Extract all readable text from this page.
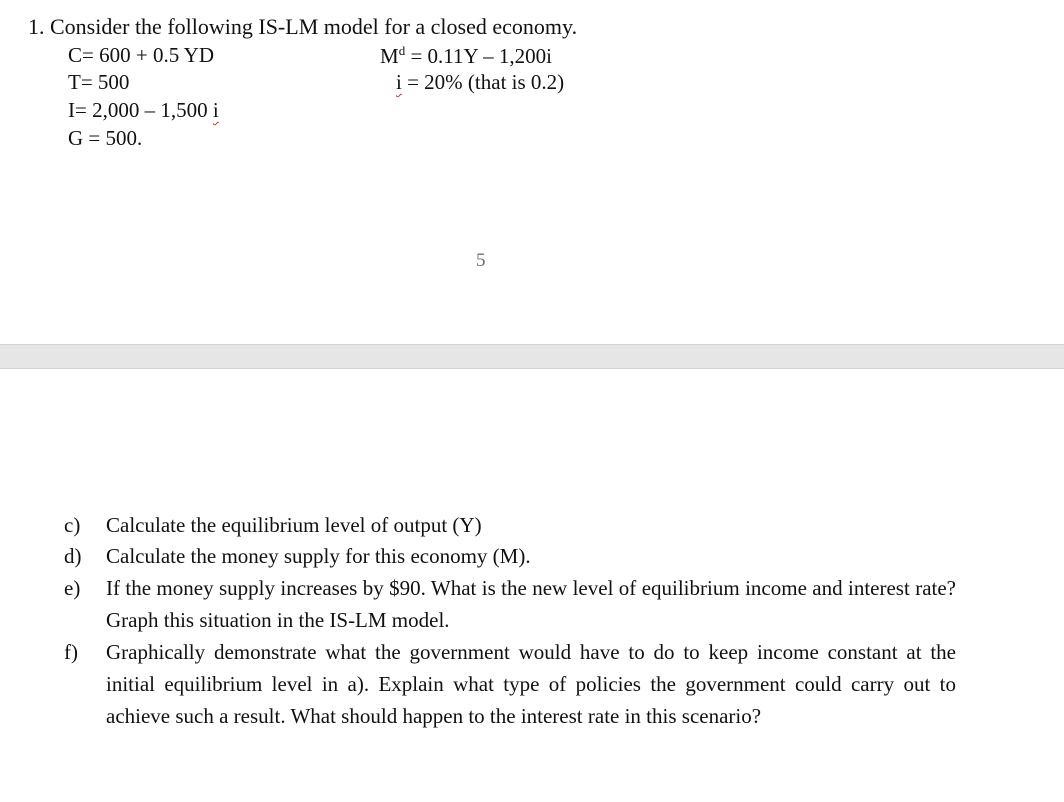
1. Consider the following IS-LM model for a closed economy.
C= 600 + 0.5 YD
T= 500
I= 2,000 – 1,500 i
G = 500.
$M^d = 0.11Y - 1,200i$
i = 20% (that is 0.2)
5
c) Calculate the equilibrium level of output (Y)
d) Calculate the money supply for this economy (M).
e) If the money supply increases by $90. What is the new level of equilibrium income and interest rate? Graph this situation in the IS-LM model.
f) Graphically demonstrate what the government would have to do to keep income constant at the initial equilibrium level in a). Explain what type of policies the government could carry out to achieve such a result. What should happen to the interest rate in this scenario?
